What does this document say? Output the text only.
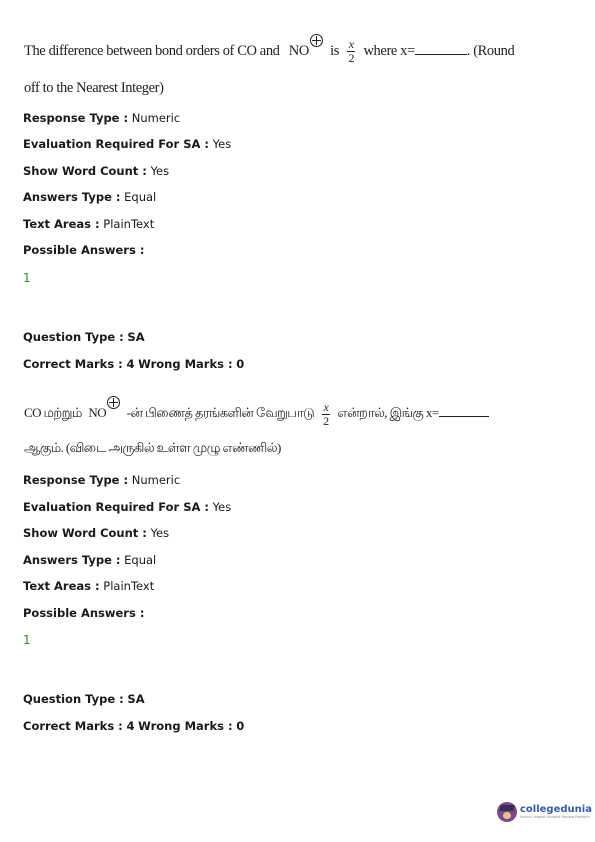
The difference between bond orders of CO and NO is $\frac{x}{2}$ where x=	. (Round
off to the Nearest Integer)
Response Type : Numeric
Evaluation Required For SA : Yes
Show Word Count : Yes
Answers Type : Equal
Text Areas : PlainText
Possible Answers :
1
Question Type : SA
Correct Marks : 4 Wrong Marks : 0
CO மற்றும் NO -ன் பிணைத் தரங்களின் வேறுபாடு $\frac{x}{2}$ என்றால், இங்கு x=
ஆகும். (விடை அருகில் உள்ள முழு எண்ணில்)
Response Type : Numeric
Evaluation Required For SA : Yes
Show Word Count : Yes
Answers Type : Equal
Text Areas : PlainText
Possible Answers :
1
Question Type : SA
Correct Marks : 4 Wrong Marks : 0
collegedunia
India's Largest Student Review Platform
